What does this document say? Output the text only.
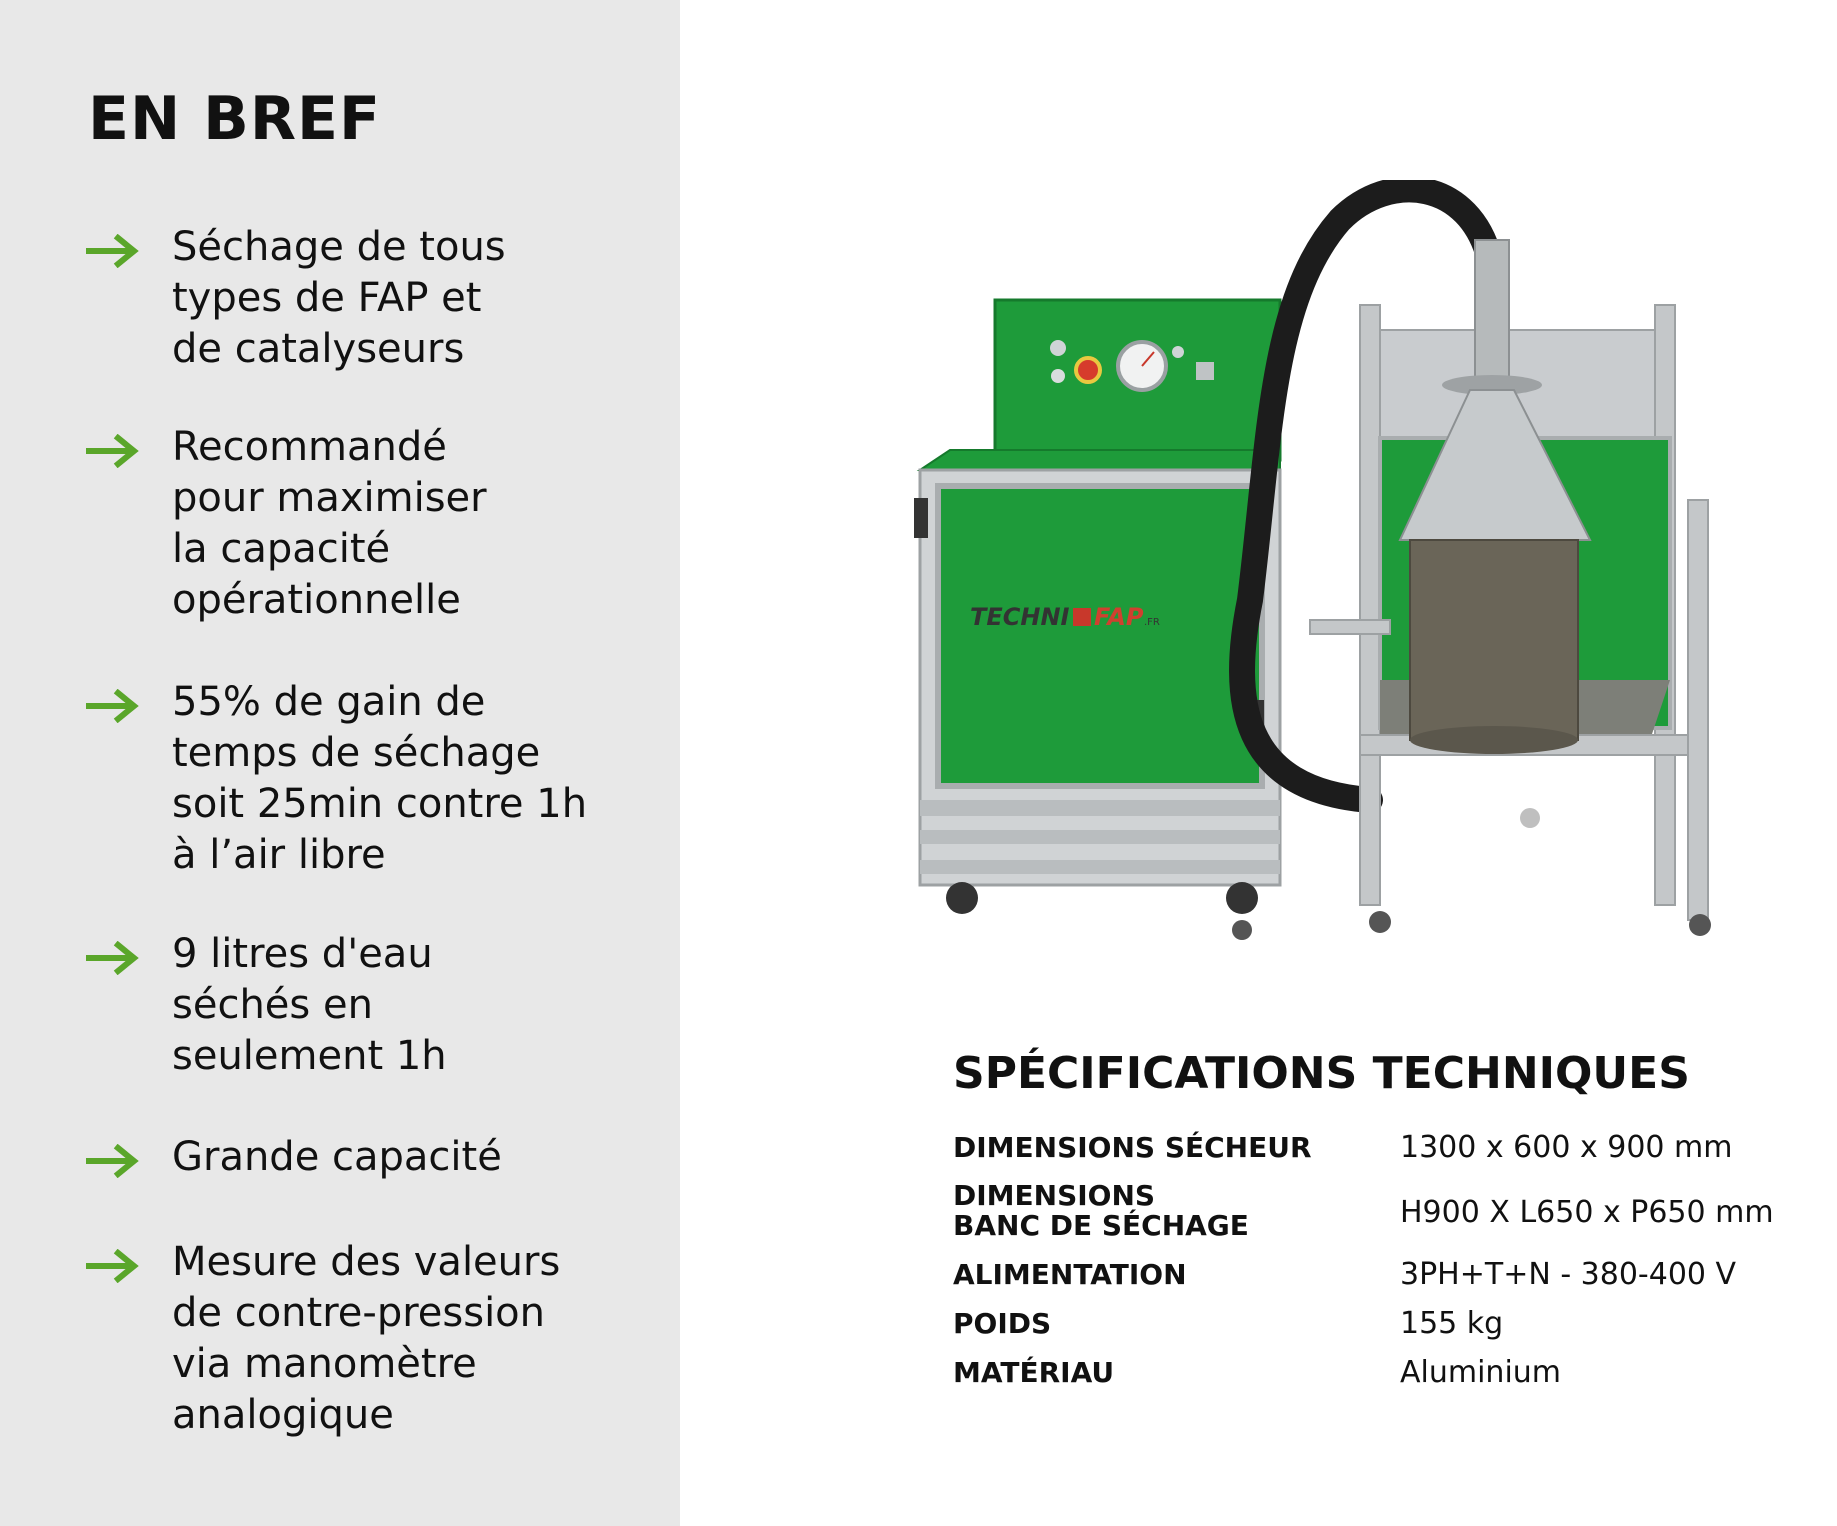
EN BREF

Séchage de tous
types de FAP et
de catalyseurs

Recommandé
pour maximiser
la capacité
opérationnelle

55% de gain de
temps de séchage
soit 25min contre 1h
à l’air libre

9 litres d'eau
séchés en
seulement 1h

Grande capacité

Mesure des valeurs
de contre-pression
via manomètre
analogique

TECHNI FAP .FR
SPÉCIFICATIONS TECHNIQUES

DIMENSIONS SÉCHEUR	1300 x 600 x 900 mm

DIMENSIONS
BANC DE SÉCHAGE	H900 X L650 x P650 mm

ALIMENTATION	3PH+T+N - 380-400 V

POIDS	155 kg

MATÉRIAU	Aluminium
